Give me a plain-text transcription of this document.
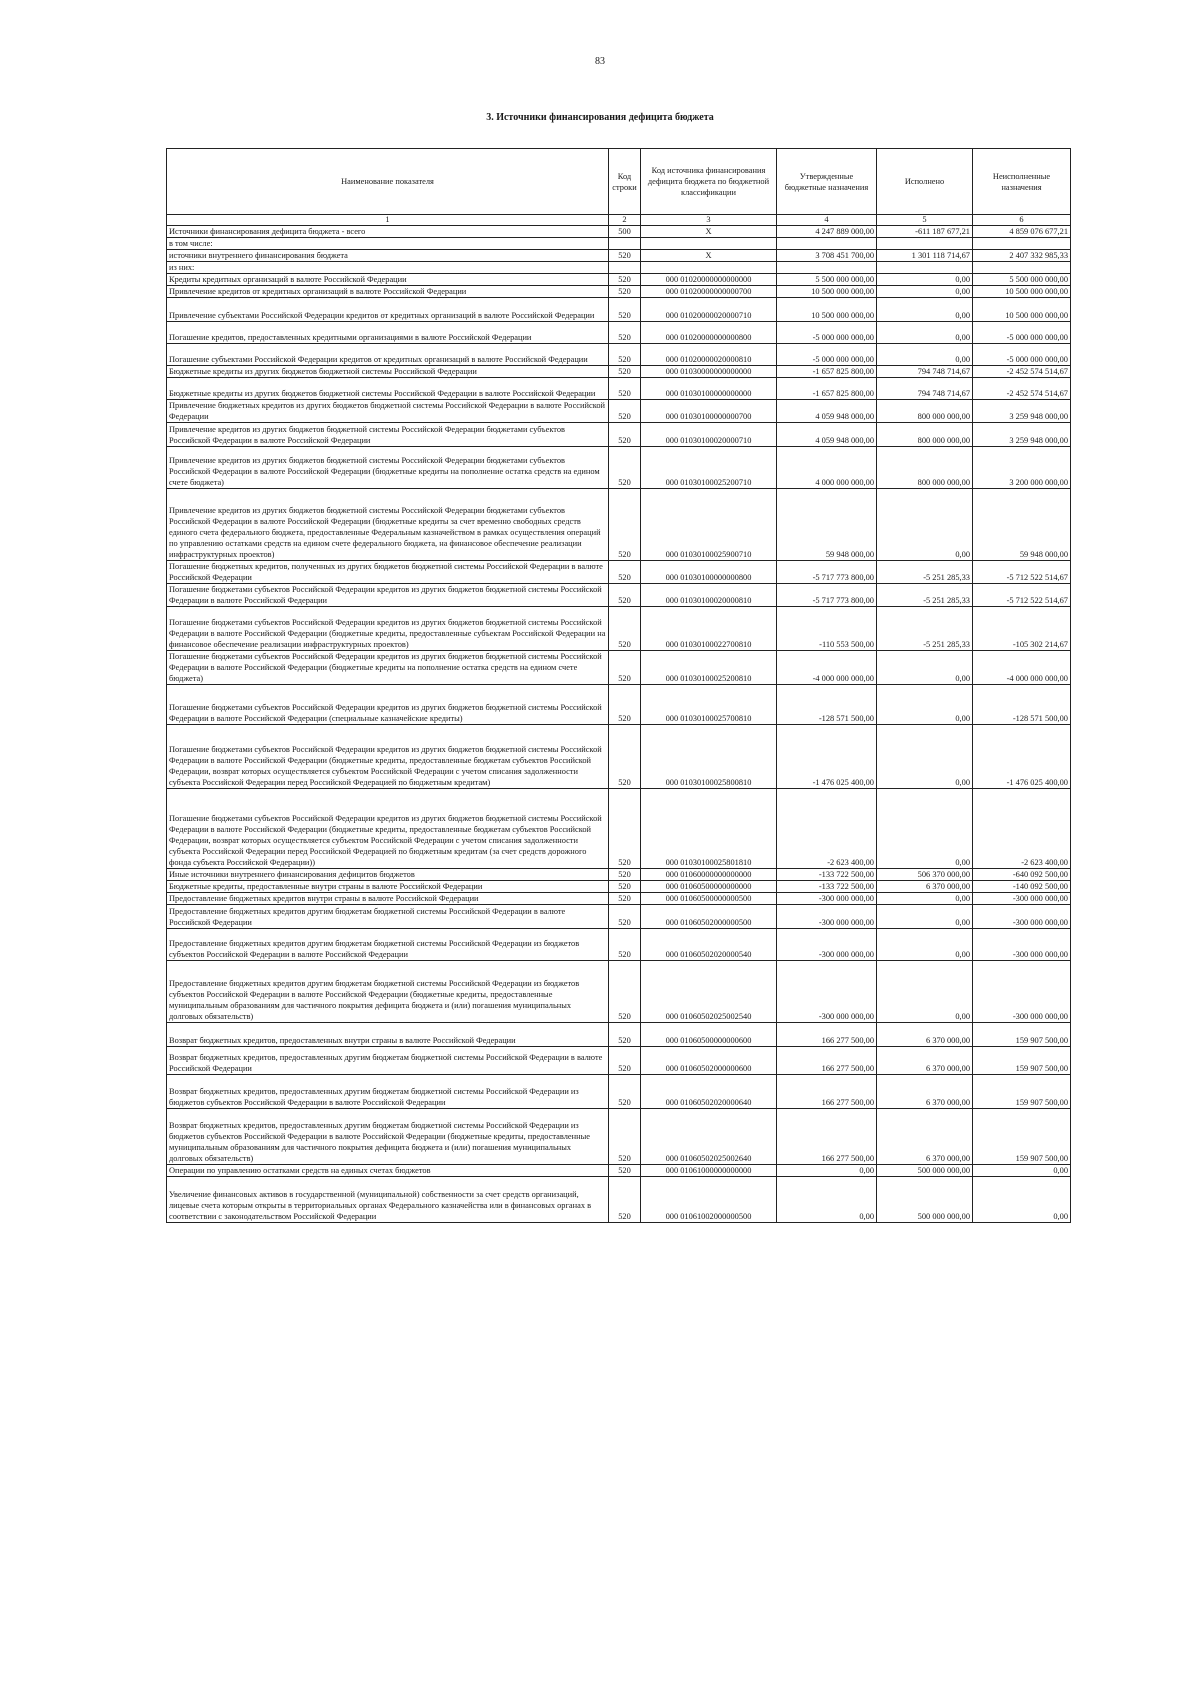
83
3. Источники финансирования дефицита бюджета
Наименование показателя	Код строки	Код источника финансирования дефицита бюджета по бюджетной классификации	Утвержденные бюджетные назначения	Исполнено	Неисполненные назначения
1	2	3	4	5	6
Источники финансирования дефицита бюджета - всего	500	X	4 247 889 000,00	-611 187 677,21	4 859 076 677,21
в том числе:					
источники внутреннего финансирования бюджета	520	X	3 708 451 700,00	1 301 118 714,67	2 407 332 985,33
из них:					
Кредиты кредитных организаций в валюте Российской Федерации	520	000 01020000000000000	5 500 000 000,00	0,00	5 500 000 000,00
Привлечение кредитов от кредитных организаций в валюте Российской Федерации	520	000 01020000000000700	10 500 000 000,00	0,00	10 500 000 000,00
Привлечение субъектами Российской Федерации кредитов от кредитных организаций в валюте Российской Федерации	520	000 01020000020000710	10 500 000 000,00	0,00	10 500 000 000,00
Погашение кредитов, предоставленных кредитными организациями в валюте Российской Федерации	520	000 01020000000000800	-5 000 000 000,00	0,00	-5 000 000 000,00
Погашение субъектами Российской Федерации кредитов от кредитных организаций в валюте Российской Федерации	520	000 01020000020000810	-5 000 000 000,00	0,00	-5 000 000 000,00
Бюджетные кредиты из других бюджетов бюджетной системы Российской Федерации	520	000 01030000000000000	-1 657 825 800,00	794 748 714,67	-2 452 574 514,67
Бюджетные кредиты из других бюджетов бюджетной системы Российской Федерации в валюте Российской Федерации	520	000 01030100000000000	-1 657 825 800,00	794 748 714,67	-2 452 574 514,67
Привлечение бюджетных кредитов из других бюджетов бюджетной системы Российской Федерации в валюте Российской Федерации	520	000 01030100000000700	4 059 948 000,00	800 000 000,00	3 259 948 000,00
Привлечение кредитов из других бюджетов бюджетной системы Российской Федерации бюджетами субъектов Российской Федерации в валюте Российской Федерации	520	000 01030100020000710	4 059 948 000,00	800 000 000,00	3 259 948 000,00
Привлечение кредитов из других бюджетов бюджетной системы Российской Федерации бюджетами субъектов Российской Федерации в валюте Российской Федерации (бюджетные кредиты на пополнение остатка средств на едином счете бюджета)	520	000 01030100025200710	4 000 000 000,00	800 000 000,00	3 200 000 000,00
Привлечение кредитов из других бюджетов бюджетной системы Российской Федерации бюджетами субъектов Российской Федерации в валюте Российской Федерации (бюджетные кредиты за счет временно свободных средств единого счета федерального бюджета, предоставленные Федеральным казначейством в рамках осуществления операций по управлению остатками средств на едином счете федерального бюджета, на финансовое обеспечение реализации инфраструктурных проектов)	520	000 01030100025900710	59 948 000,00	0,00	59 948 000,00
Погашение бюджетных кредитов, полученных из других бюджетов бюджетной системы Российской Федерации в валюте Российской Федерации	520	000 01030100000000800	-5 717 773 800,00	-5 251 285,33	-5 712 522 514,67
Погашение бюджетами субъектов Российской Федерации кредитов из других бюджетов бюджетной системы Российской Федерации в валюте Российской Федерации	520	000 01030100020000810	-5 717 773 800,00	-5 251 285,33	-5 712 522 514,67
Погашение бюджетами субъектов Российской Федерации кредитов из других бюджетов бюджетной системы Российской Федерации в валюте Российской Федерации (бюджетные кредиты, предоставленные субъектам Российской Федерации на финансовое обеспечение реализации инфраструктурных проектов)	520	000 01030100022700810	-110 553 500,00	-5 251 285,33	-105 302 214,67
Погашение бюджетами субъектов Российской Федерации кредитов из других бюджетов бюджетной системы Российской Федерации в валюте Российской Федерации (бюджетные кредиты на пополнение остатка средств на едином счете бюджета)	520	000 01030100025200810	-4 000 000 000,00	0,00	-4 000 000 000,00
Погашение бюджетами субъектов Российской Федерации кредитов из других бюджетов бюджетной системы Российской Федерации в валюте Российской Федерации (специальные казначейские кредиты)	520	000 01030100025700810	-128 571 500,00	0,00	-128 571 500,00
Погашение бюджетами субъектов Российской Федерации кредитов из других бюджетов бюджетной системы Российской Федерации в валюте Российской Федерации (бюджетные кредиты, предоставленные бюджетам субъектов Российской Федерации, возврат которых осуществляется субъектом Российской Федерации с учетом списания задолженности субъекта Российской Федерации перед Российской Федерацией по бюджетным кредитам)	520	000 01030100025800810	-1 476 025 400,00	0,00	-1 476 025 400,00
Погашение бюджетами субъектов Российской Федерации кредитов из других бюджетов бюджетной системы Российской Федерации в валюте Российской Федерации (бюджетные кредиты, предоставленные бюджетам субъектов Российской Федерации, возврат которых осуществляется субъектом Российской Федерации с учетом списания задолженности субъекта Российской Федерации перед Российской Федерацией по бюджетным кредитам (за счет средств дорожного фонда субъекта Российской Федерации))	520	000 01030100025801810	-2 623 400,00	0,00	-2 623 400,00
Иные источники внутреннего финансирования дефицитов бюджетов	520	000 01060000000000000	-133 722 500,00	506 370 000,00	-640 092 500,00
Бюджетные кредиты, предоставленные внутри страны в валюте Российской Федерации	520	000 01060500000000000	-133 722 500,00	6 370 000,00	-140 092 500,00
Предоставление бюджетных кредитов внутри страны в валюте Российской Федерации	520	000 01060500000000500	-300 000 000,00	0,00	-300 000 000,00
Предоставление бюджетных кредитов другим бюджетам бюджетной системы Российской Федерации в валюте Российской Федерации	520	000 01060502000000500	-300 000 000,00	0,00	-300 000 000,00
Предоставление бюджетных кредитов другим бюджетам бюджетной системы Российской Федерации из бюджетов субъектов Российской Федерации в валюте Российской Федерации	520	000 01060502020000540	-300 000 000,00	0,00	-300 000 000,00
Предоставление бюджетных кредитов другим бюджетам бюджетной системы Российской Федерации из бюджетов субъектов Российской Федерации в валюте Российской Федерации (бюджетные кредиты, предоставленные муниципальным образованиям для частичного покрытия дефицита бюджета и (или) погашения муниципальных долговых обязательств)	520	000 01060502025002540	-300 000 000,00	0,00	-300 000 000,00
Возврат бюджетных кредитов, предоставленных внутри страны в валюте Российской Федерации	520	000 01060500000000600	166 277 500,00	6 370 000,00	159 907 500,00
Возврат бюджетных кредитов, предоставленных другим бюджетам бюджетной системы Российской Федерации в валюте Российской Федерации	520	000 01060502000000600	166 277 500,00	6 370 000,00	159 907 500,00
Возврат бюджетных кредитов, предоставленных другим бюджетам бюджетной системы Российской Федерации из бюджетов субъектов Российской Федерации в валюте Российской Федерации	520	000 01060502020000640	166 277 500,00	6 370 000,00	159 907 500,00
Возврат бюджетных кредитов, предоставленных другим бюджетам бюджетной системы Российской Федерации из бюджетов субъектов Российской Федерации в валюте Российской Федерации (бюджетные кредиты, предоставленные муниципальным образованиям для частичного покрытия дефицита бюджета и (или) погашения муниципальных долговых обязательств)	520	000 01060502025002640	166 277 500,00	6 370 000,00	159 907 500,00
Операции по управлению остатками средств на единых счетах бюджетов	520	000 01061000000000000	0,00	500 000 000,00	0,00
Увеличение финансовых активов в государственной (муниципальной) собственности за счет средств организаций, лицевые счета которым открыты в территориальных органах Федерального казначейства или в финансовых органах в соответствии с законодательством Российской Федерации	520	000 01061002000000500	0,00	500 000 000,00	0,00
